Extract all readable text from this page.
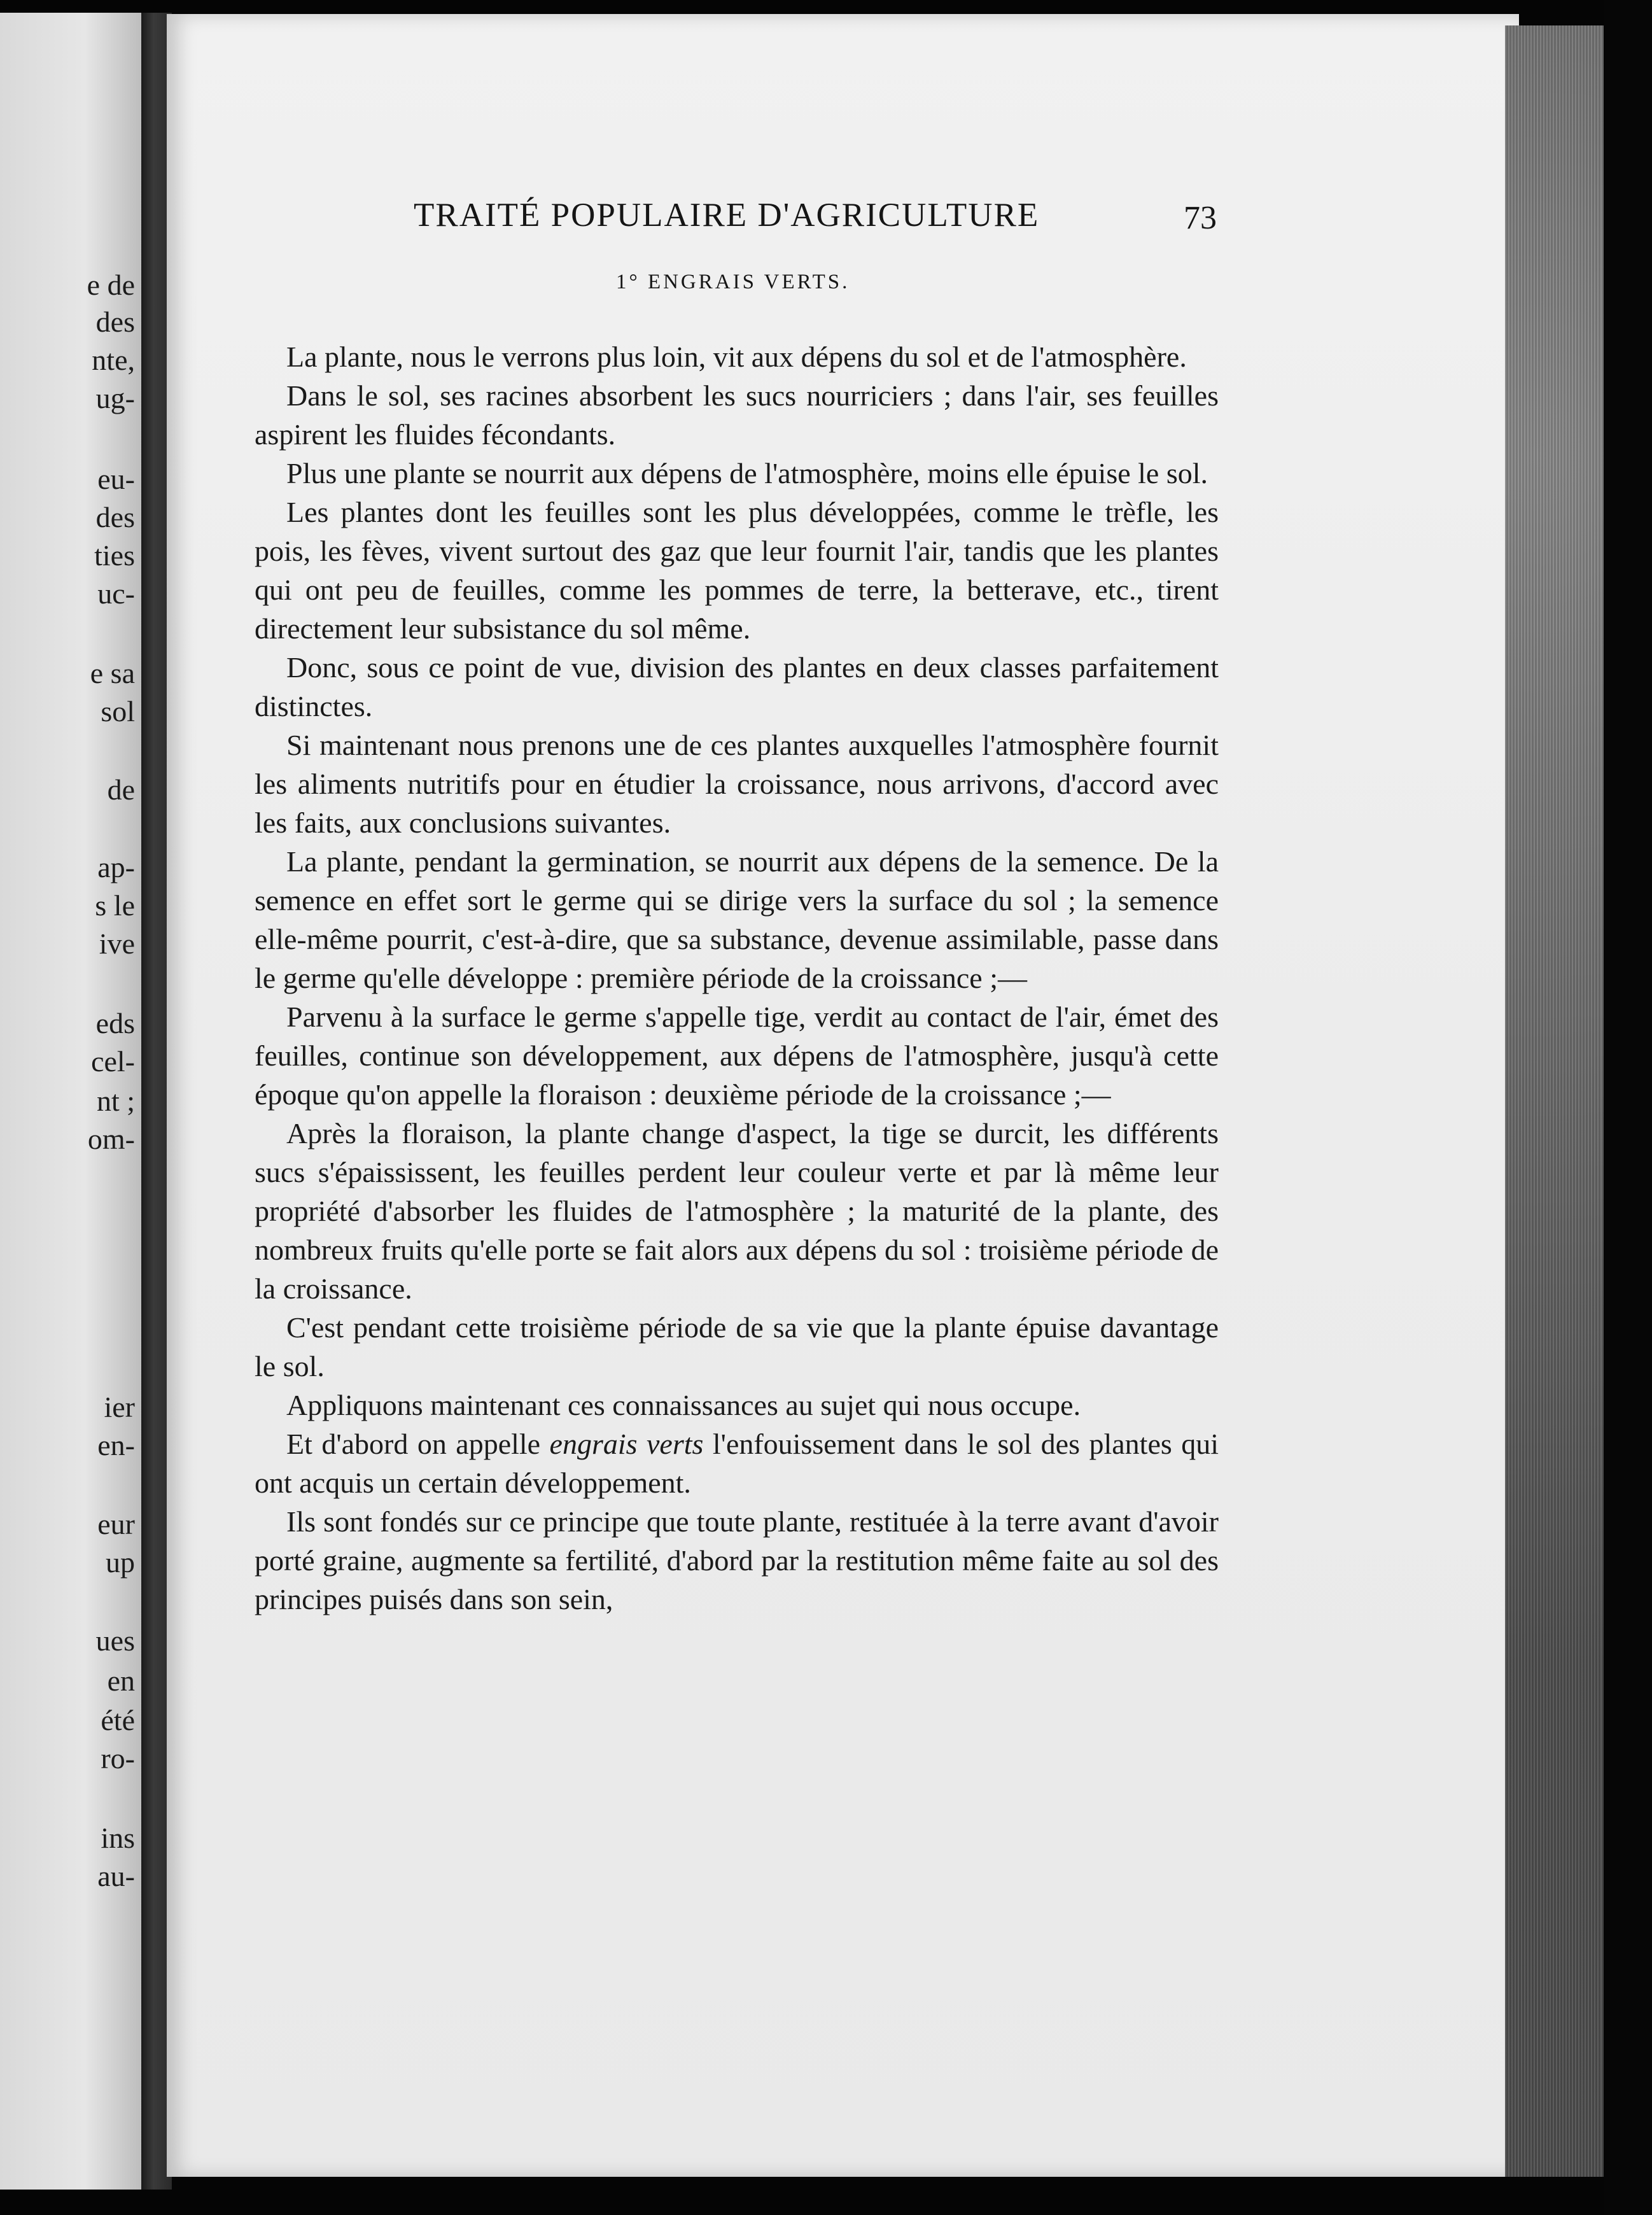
e de
des
nte,
ug-
eu-
des
ties
uc-
e sa
sol
de
ap-
s le
ive
eds
cel-
nt ;
om-
ier
en-
eur
up
ues
en
été
ro-
ins
au-
TRAITÉ POPULAIRE D'AGRICULTURE	73
1° ENGRAIS VERTS.

La plante, nous le verrons plus loin, vit aux dépens du sol et de l'atmosphère.

Dans le sol, ses racines absorbent les sucs nourriciers ; dans l'air, ses feuilles aspirent les fluides fécondants.

Plus une plante se nourrit aux dépens de l'atmosphère, moins elle épuise le sol.

Les plantes dont les feuilles sont les plus développées, comme le trèfle, les pois, les fèves, vivent surtout des gaz que leur fournit l'air, tandis que les plantes qui ont peu de feuilles, comme les pommes de terre, la betterave, etc., tirent directement leur subsistance du sol même.

Donc, sous ce point de vue, division des plantes en deux classes parfaitement distinctes.

Si maintenant nous prenons une de ces plantes auxquelles l'atmosphère fournit les aliments nutritifs pour en étudier la croissance, nous arrivons, d'accord avec les faits, aux conclusions suivantes.

La plante, pendant la germination, se nourrit aux dépens de la semence. De la semence en effet sort le germe qui se dirige vers la surface du sol ; la semence elle-même pourrit, c'est-à-dire, que sa substance, devenue assimilable, passe dans le germe qu'elle développe : première période de la croissance ;—

Parvenu à la surface le germe s'appelle tige, verdit au contact de l'air, émet des feuilles, continue son développement, aux dépens de l'atmosphère, jusqu'à cette époque qu'on appelle la floraison : deuxième période de la croissance ;—

Après la floraison, la plante change d'aspect, la tige se durcit, les différents sucs s'épaississent, les feuilles perdent leur couleur verte et par là même leur propriété d'absorber les fluides de l'atmosphère ; la maturité de la plante, des nombreux fruits qu'elle porte se fait alors aux dépens du sol : troisième période de la croissance.

C'est pendant cette troisième période de sa vie que la plante épuise davantage le sol.

Appliquons maintenant ces connaissances au sujet qui nous occupe.

Et d'abord on appelle engrais verts l'enfouissement dans le sol des plantes qui ont acquis un certain développement.

Ils sont fondés sur ce principe que toute plante, restituée à la terre avant d'avoir porté graine, augmente sa fertilité, d'abord par la restitution même faite au sol des principes puisés dans son sein,
